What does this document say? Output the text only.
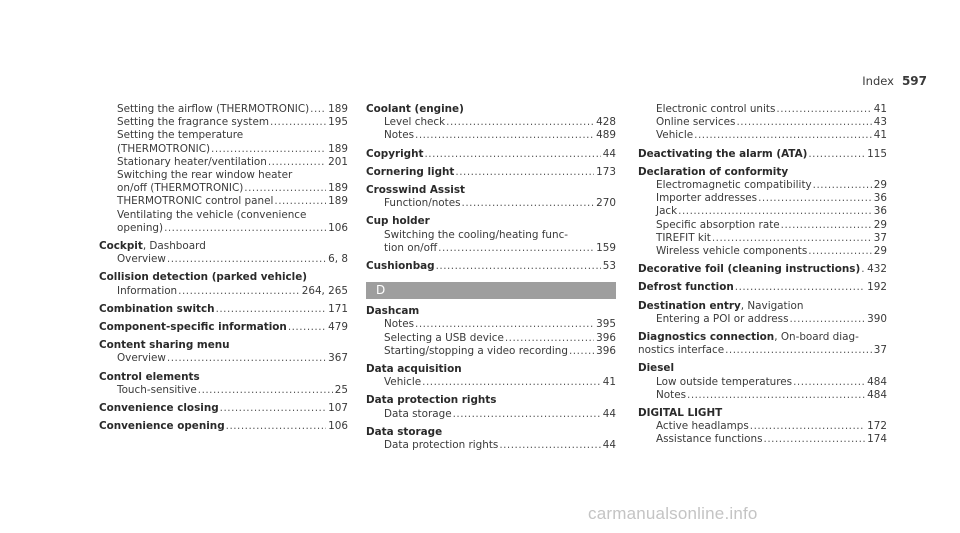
Index 597
Setting the airflow (THERMOTRONIC) ..... 189
Setting the fragrance system .....	195
Setting the temperature
(THERMOTRONIC) .....	189
Stationary heater/ventilation .....	201
Switching the rear window heater
on/off (THERMOTRONIC) .....	189
THERMOTRONIC control panel .....	189
Ventilating the vehicle (convenience
opening) .....	106
Cockpit, Dashboard
Overview .....	6, 8
Collision detection (parked vehicle)
Information .....	264, 265
Combination switch .....	171
Component-specific information .....	479
Content sharing menu
Overview .....	367
Control elements
Touch-sensitive .....	25
Convenience closing .....	107
Convenience opening .....	106
Coolant (engine)
Level check .....	428
Notes .....	489
Copyright .....	44
Cornering light .....	173
Crosswind Assist
Function/notes .....	270
Cup holder
Switching the cooling/heating func-
tion on/off .....	159
Cushionbag .....	53
D
Dashcam
Notes .....	395
Selecting a USB device .....	396
Starting/stopping a video recording .....	396
Data acquisition
Vehicle .....	41
Data protection rights
Data storage .....	44
Data storage
Data protection rights .....	44
Electronic control units .....	41
Online services .....	43
Vehicle .....	41
Deactivating the alarm (ATA) .....	115
Declaration of conformity
Electromagnetic compatibility .....	29
Importer addresses .....	36
Jack .....	36
Specific absorption rate .....	29
TIREFIT kit .....	37
Wireless vehicle components .....	29
Decorative foil (cleaning instructions) ..... 432
Defrost function .....	192
Destination entry, Navigation
Entering a POI or address .....	390
Diagnostics connection, On-board diag-
nostics interface .....	37
Diesel
Low outside temperatures .....	484
Notes .....	484
DIGITAL LIGHT
Active headlamps .....	172
Assistance functions .....	174
carmanualsonline.info
